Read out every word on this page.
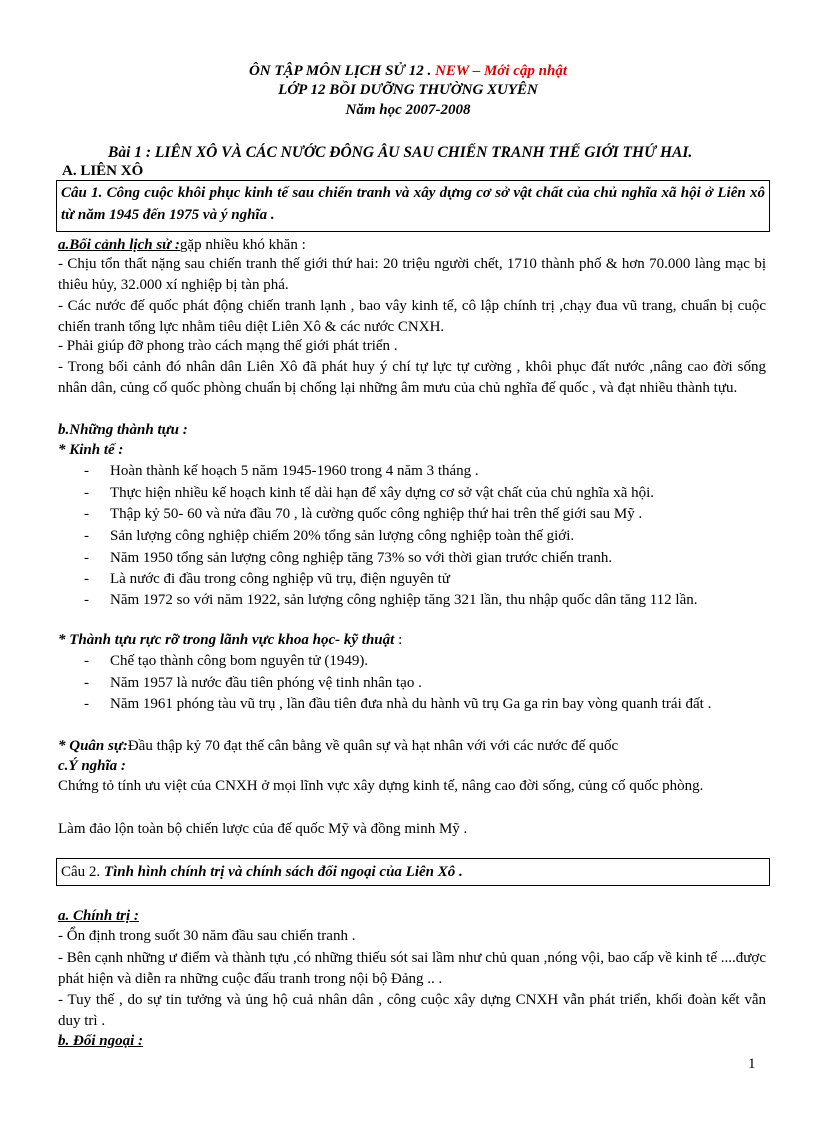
ÔN TẬP MÔN LỊCH SỬ 12 . NEW – Mới cập nhật
LỚP 12 BỒI DƯỠNG THƯỜNG XUYÊN
Năm học 2007-2008
Bài 1 : LIÊN XÔ VÀ CÁC NƯỚC ĐÔNG ÂU SAU CHIẾN TRANH THẾ GIỚI THỨ HAI.
A. LIÊN XÔ
Câu 1. Công cuộc khôi phục kinh tế sau chiến tranh và xây dựng cơ sở vật chất của chủ nghĩa xã hội ở Liên xô từ năm 1945 đến 1975 và ý nghĩa .
a.Bối cảnh lịch sử :gặp nhiều khó khăn :
- Chịu tổn thất nặng sau chiến tranh thế giới thứ hai: 20 triệu người chết, 1710 thành phố & hơn 70.000 làng mạc bị thiêu hủy, 32.000 xí nghiệp bị tàn phá.
- Các nước đế quốc phát động chiến tranh lạnh , bao vây kinh tế, cô lập chính trị ,chạy đua vũ trang, chuẩn bị cuộc chiến tranh tổng lực nhằm tiêu diệt Liên Xô & các nước CNXH.
- Phải giúp đỡ phong trào cách mạng thế giới phát triển .
- Trong bối cảnh đó nhân dân Liên Xô đã phát huy ý chí tự lực tự cường , khôi phục đất nước ,nâng cao đời sống nhân dân, củng cố quốc phòng chuẩn bị chống lại những âm mưu của chủ nghĩa đế quốc , và đạt nhiều thành tựu.
b.Những thành tựu :
* Kinh tế :
- Hoàn thành kế hoạch 5 năm 1945-1960 trong 4 năm 3 tháng .
- Thực hiện nhiều kế hoạch kinh tế dài hạn để xây dựng cơ sở vật chất của chủ nghĩa xã hội.
- Thập kỷ 50- 60 và nửa đầu 70 , là cường quốc công nghiệp thứ hai trên thế giới sau Mỹ .
- Sản lượng công nghiệp chiếm 20% tổng sản lượng công nghiệp toàn thế giới.
- Năm 1950 tổng sản lượng công nghiệp tăng 73% so với thời gian trước chiến tranh.
- Là nước đi đầu trong công nghiệp vũ trụ, điện nguyên tử
- Năm 1972 so với năm 1922, sản lượng công nghiệp tăng 321 lần, thu nhập quốc dân tăng 112 lần.
* Thành tựu rực rỡ trong lãnh vực khoa học- kỹ thuật :
- Chế tạo thành công bom nguyên tử (1949).
- Năm 1957 là nước đầu tiên phóng vệ tinh nhân tạo .
- Năm 1961 phóng tàu vũ trụ , lần đầu tiên đưa nhà du hành vũ trụ Ga ga rin bay vòng quanh trái đất .
* Quân sự:Đầu thập kỷ 70 đạt thế cân bằng về quân sự và hạt nhân với với các nước đế quốc
c.Ý nghĩa :
Chứng tỏ tính ưu việt của CNXH ở mọi lĩnh vực xây dựng kinh tế, nâng cao đời sống, củng cố quốc phòng.
Làm đảo lộn toàn bộ chiến lược của đế quốc Mỹ và đồng minh Mỹ .
Câu 2. Tình hình chính trị và chính sách đối ngoại của Liên Xô .
a. Chính trị :
- Ổn định trong suốt 30 năm đầu sau chiến tranh .
- Bên cạnh những ư điểm và thành tựu ,có những thiếu sót sai lầm như chủ quan ,nóng vội, bao cấp về kinh tế ....được phát hiện và diễn ra những cuộc đấu tranh trong nội bộ Đảng .. .
- Tuy thế , do sự tin tưởng và ủng hộ cuả nhân dân , công cuộc xây dựng CNXH vẫn phát triển, khối đoàn kết vẫn duy trì .
b. Đối ngoại :
1
